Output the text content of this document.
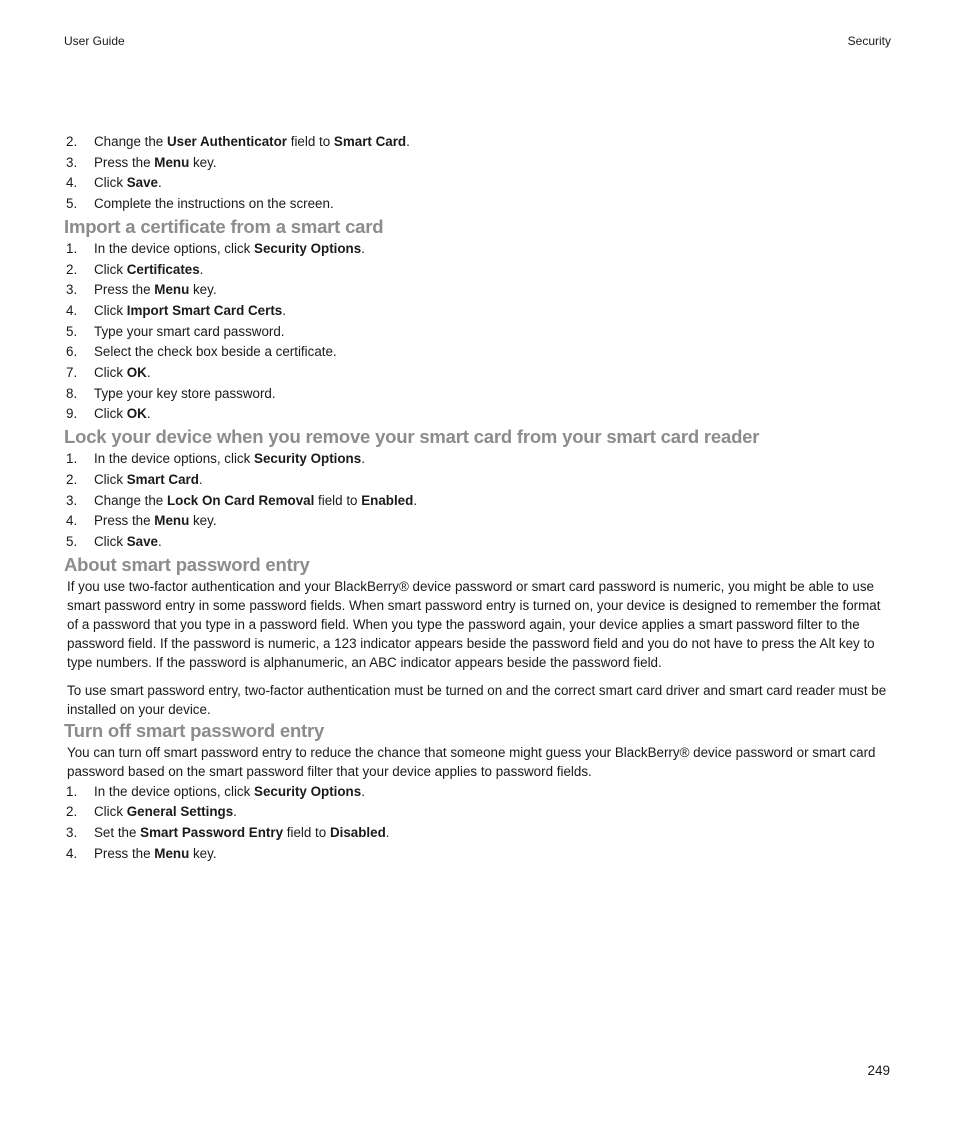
User Guide	Security
2. Change the User Authenticator field to Smart Card.
3. Press the Menu key.
4. Click Save.
5. Complete the instructions on the screen.
Import a certificate from a smart card
1. In the device options, click Security Options.
2. Click Certificates.
3. Press the Menu key.
4. Click Import Smart Card Certs.
5. Type your smart card password.
6. Select the check box beside a certificate.
7. Click OK.
8. Type your key store password.
9. Click OK.
Lock your device when you remove your smart card from your smart card reader
1. In the device options, click Security Options.
2. Click Smart Card.
3. Change the Lock On Card Removal field to Enabled.
4. Press the Menu key.
5. Click Save.
About smart password entry

If you use two-factor authentication and your BlackBerry® device password or smart card password is numeric, you might be able to use smart password entry in some password fields. When smart password entry is turned on, your device is designed to remember the format of a password that you type in a password field. When you type the password again, your device applies a smart password filter to the password field. If the password is numeric, a 123 indicator appears beside the password field and you do not have to press the Alt key to type numbers. If the password is alphanumeric, an ABC indicator appears beside the password field.

To use smart password entry, two-factor authentication must be turned on and the correct smart card driver and smart card reader must be installed on your device.

Turn off smart password entry

You can turn off smart password entry to reduce the chance that someone might guess your BlackBerry® device password or smart card password based on the smart password filter that your device applies to password fields.

1. In the device options, click Security Options.
2. Click General Settings.
3. Set the Smart Password Entry field to Disabled.
4. Press the Menu key.
249
